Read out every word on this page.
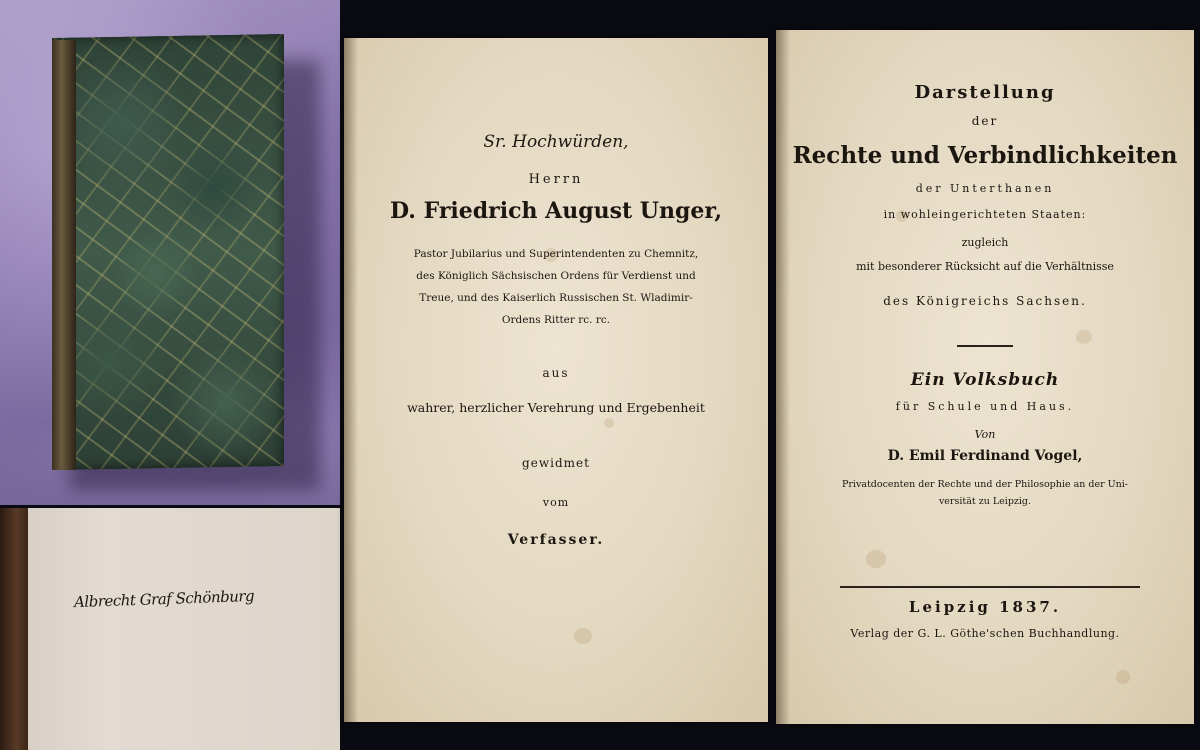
Albrecht Graf Schönburg
Sr. Hochwürden,
Herrn
D. Friedrich August Unger,
Pastor Jubilarius und Superintendenten zu Chemnitz,
des Königlich Sächsischen Ordens für Verdienst und
Treue, und des Kaiserlich Russischen St. Wladimir-
Ordens Ritter rc. rc.
aus
wahrer, herzlicher Verehrung und Ergebenheit
gewidmet
vom
Verfasser.
Darstellung
der
Rechte und Verbindlichkeiten
der Unterthanen
in wohleingerichteten Staaten:
zugleich
mit besonderer Rücksicht auf die Verhältnisse
des Königreichs Sachsen.
Ein Volksbuch
für Schule und Haus.
Von
D. Emil Ferdinand Vogel,
Privatdocenten der Rechte und der Philosophie an der Uni-
versität zu Leipzig.
Leipzig 1837.
Verlag der G. L. Göthe'schen Buchhandlung.
